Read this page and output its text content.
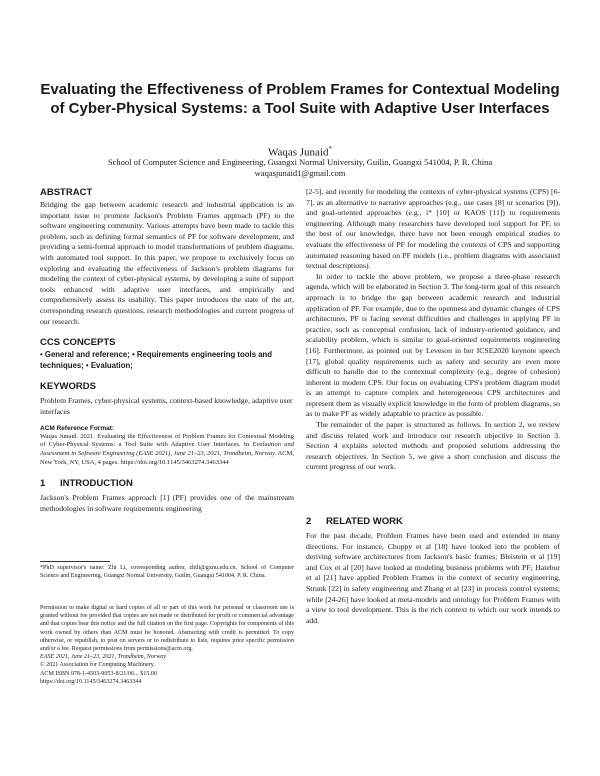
Evaluating the Effectiveness of Problem Frames for Contextual Modeling of Cyber-Physical Systems: a Tool Suite with Adaptive User Interfaces
Waqas Junaid*
School of Computer Science and Engineering, Guangxi Normal University, Guilin, Guangxi 541004, P. R. China
waqasjunaid1@gmail.com
ABSTRACT

Bridging the gap between academic research and industrial application is an important issue to promote Jackson's Problem Frames approach (PF) to the software engineering community. Various attempts have been made to tackle this problem, such as defining formal semantics of PF for software development, and providing a semi-formal approach to model transformations of problem diagrams, with automated tool support. In this paper, we propose to exclusively focus on exploring and evaluating the effectiveness of Jackson's problem diagrams for modeling the context of cyber-physical systems, by developing a suite of support tools enhanced with adaptive user interfaces, and empirically and comprehensively assess its usability. This paper introduces the state of the art, corresponding research questions, research methodologies and current progress of our research.

CCS CONCEPTS

• General and reference; • Requirements engineering tools and techniques; • Evaluation;

KEYWORDS

Problem Frames, cyber-physical systems, context-based knowledge, adaptive user interfaces

ACM Reference Format:

Waqas Junaid. 2021. Evaluating the Effectiveness of Problem Frames for Contextual Modeling of Cyber-Physical Systems: a Tool Suite with Adaptive User Interfaces. In Evaluation and Assessment in Software Engineering (EASE 2021), June 21–23, 2021, Trondheim, Norway. ACM, New York, NY, USA, 4 pages. https://doi.org/10.1145/3463274.3463344

1 INTRODUCTION

Jackson's Problem Frames approach [1] (PF) provides one of the mainstream methodologies in software requirements engineering

*PhD supervisor's name: Zhi Li, corresponding author, zhili@gxnu.edu.cn, School of Computer Science and Engineering, Guangxi Normal University, Guilin, Guangxi 541004, P. R. China.

Permission to make digital or hard copies of all or part of this work for personal or classroom use is granted without fee provided that copies are not made or distributed for profit or commercial advantage and that copies bear this notice and the full citation on the first page. Copyrights for components of this work owned by others than ACM must be honored. Abstracting with credit is permitted. To copy otherwise, or republish, to post on servers or to redistribute to lists, requires prior specific permission and/or a fee. Request permissions from permissions@acm.org.

EASE 2021, June 21–23, 2021, Trondheim, Norway

© 2021 Association for Computing Machinery.

ACM ISBN 978-1-4503-9053-8/21/06... $15.00

https://doi.org/10.1145/3463274.3463344

[2-5], and recently for modeling the contexts of cyber-physical systems (CPS) [6-7], as an alternative to narrative approaches (e.g., use cases [8] or scenarios [9]), and goal-oriented approaches (e.g., i* [10] or KAOS [11]) to requirements engineering. Although many researchers have developed tool support for PF, to the best of our knowledge, there have not been enough empirical studies to evaluate the effectiveness of PF for modeling the contexts of CPS and supporting automated reasoning based on PF models (i.e., problem diagrams with associated textual descriptions).

In order to tackle the above problem, we propose a three-phase research agenda, which will be elaborated in Section 3. The long-term goal of this research approach is to bridge the gap between academic research and industrial application of PF. For example, due to the openness and dynamic changes of CPS architectures, PF is facing several difficulties and challenges in applying PF in practice, such as conceptual confusion, lack of industry-oriented guidance, and scalability problem, which is similar to goal-oriented requirements engineering [16]. Furthermore, as pointed out by Leveson in her ICSE2020 keynote speech [17], global quality requirements such as safety and security are even more difficult to handle due to the contextual complexity (e.g., degree of cohesion) inherent in modern CPS. Our focus on evaluating CPS's problem diagram model is an attempt to capture complex and heterogeneous CPS architectures and represent them as visually explicit knowledge in the form of problem diagrams, so as to make PF as widely adaptable to practice as possible.

The remainder of the paper is structured as follows. In section 2, we review and discuss related work and introduce our research objective in Section 3. Section 4 explains selected methods and proposed solutions addressing the research objectives. In Section 5, we give a short conclusion and discuss the current progress of our work.

2 RELATED WORK

For the past decade, Problem Frames have been used and extended in many directions. For instance, Choppy et al [18] have looked into the problem of deriving software architectures from Jackson's basic frames; Bleistein et al [19] and Cox et al [20] have looked at modeling business problems with PF; Hatebur et al [21] have applied Problem Frames in the context of security engineering, Strunk [22] in safety engineering and Zhang et al [23] in process control systems; while [24-26] have looked at meta-models and ontology for Problem Frames with a view to tool development. This is the rich context to which our work intends to add.
